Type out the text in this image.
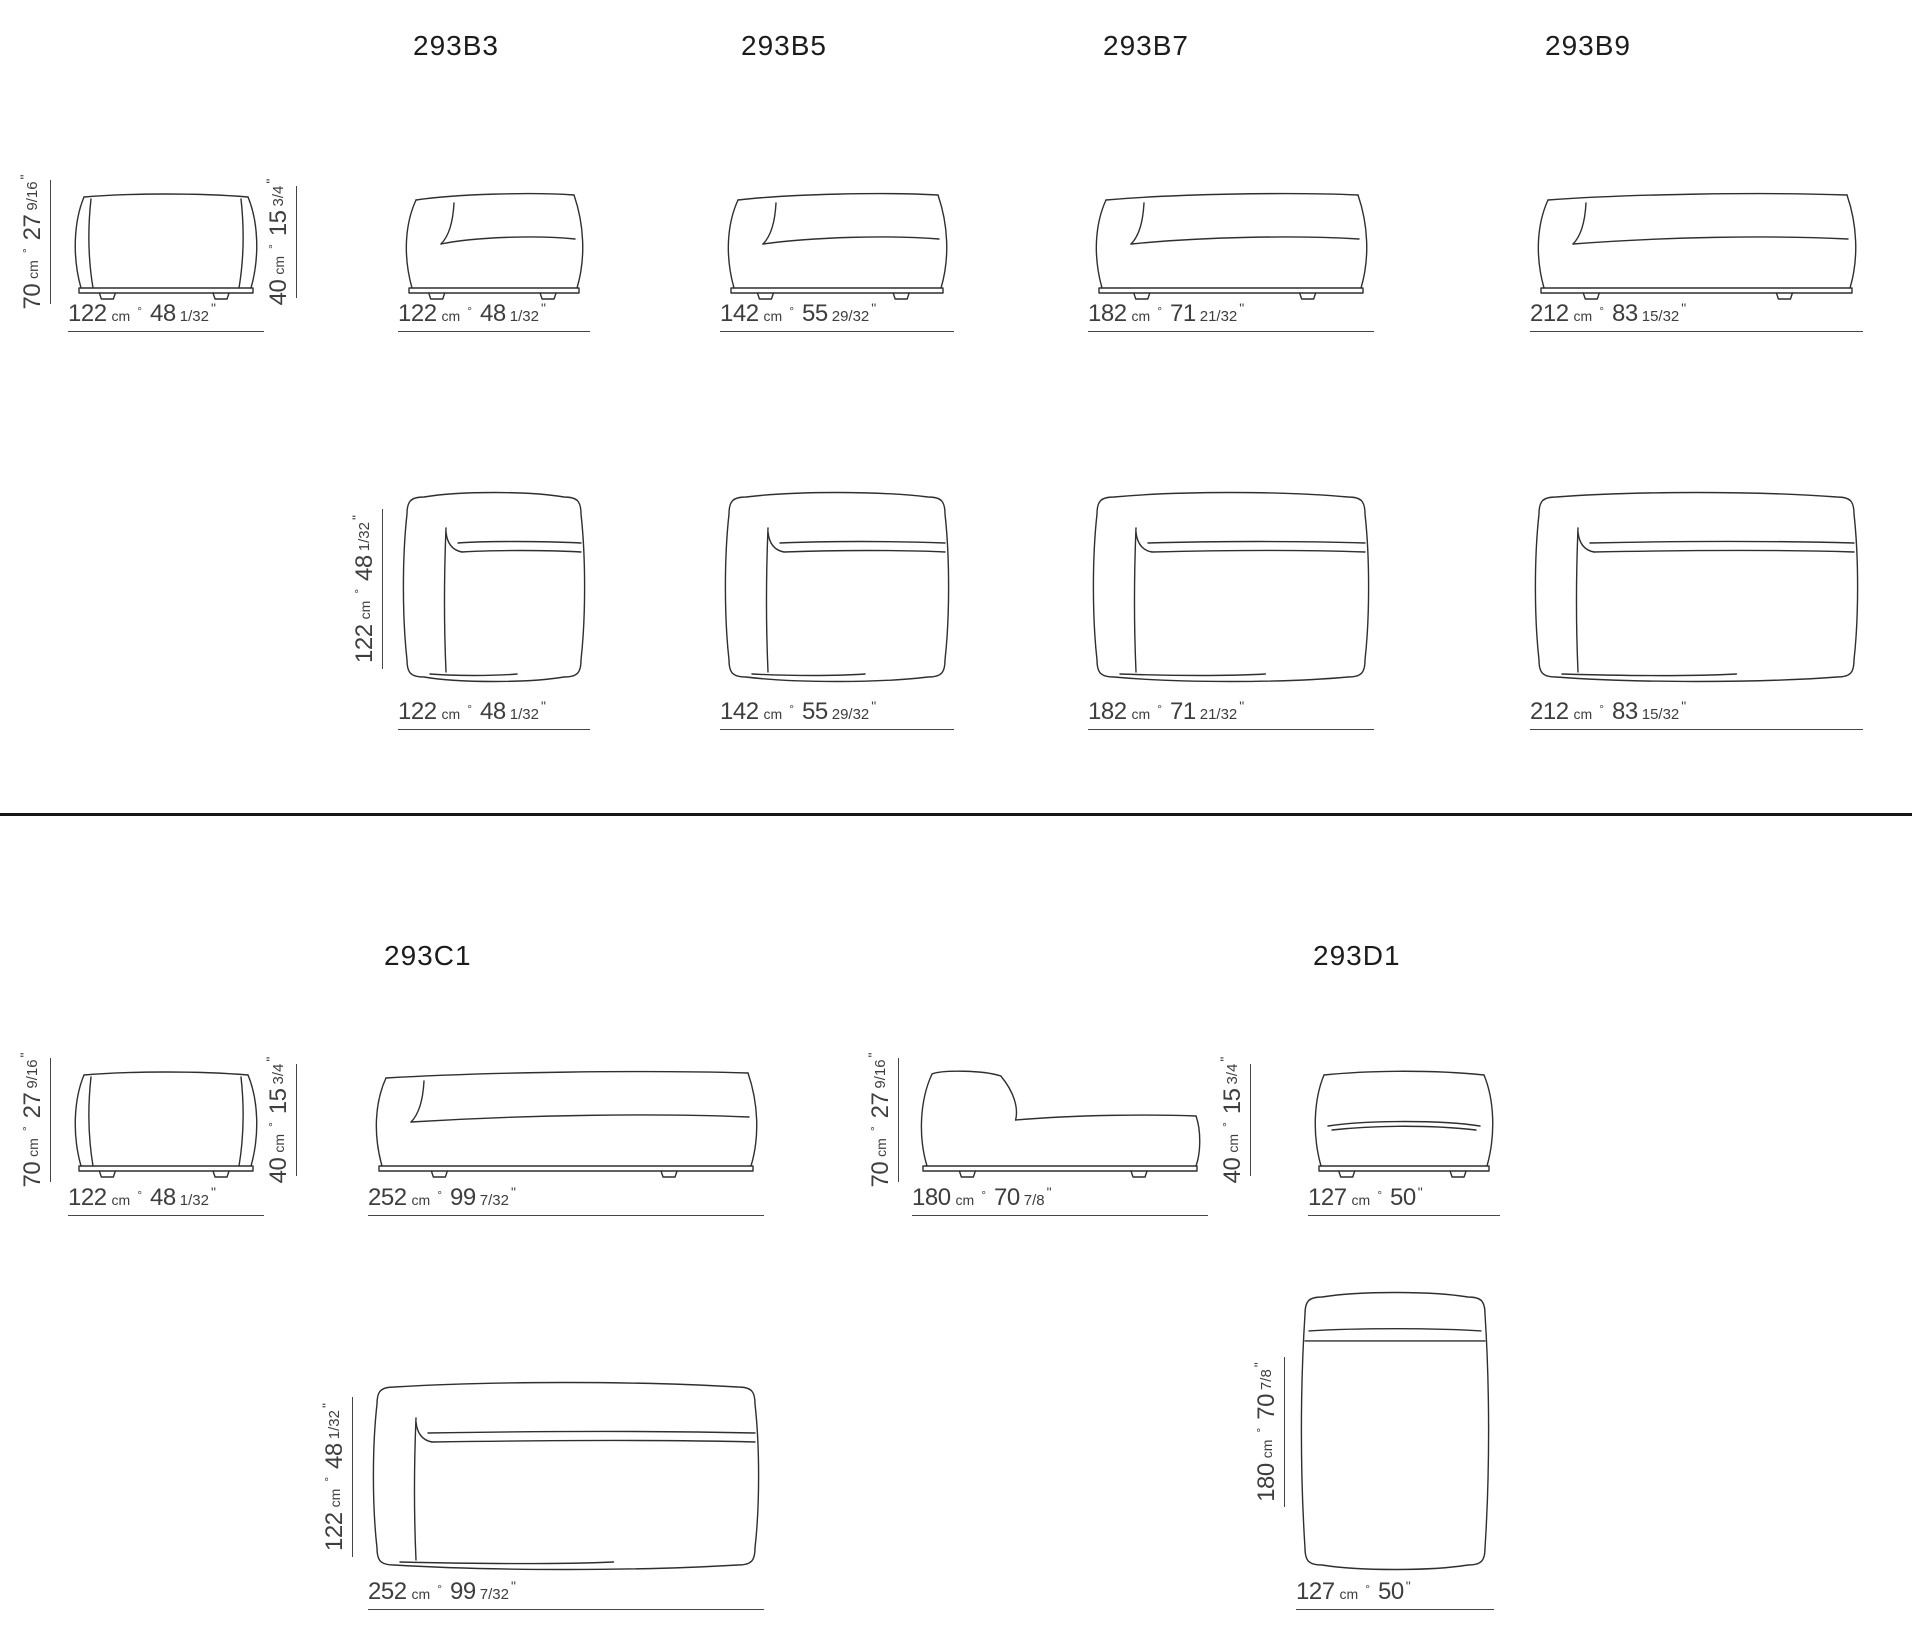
293B3	293B5	293B7	293B9
70
cm
°
27
9/16
"
40
cm
°
15
3/4
"
122 cm ° 48 1/32 "	122 cm ° 48 1/32 "	142 cm ° 55 29/32 "	182 cm ° 71 21/32 "	212 cm ° 83 15/32 "
122
cm
°
48
1/32
"
122 cm ° 48 1/32 "	142 cm ° 55 29/32 "	182 cm ° 71 21/32 "	212 cm ° 83 15/32 "
293C1	293D1
70
cm
°
27
9/16
"
40
cm
°
15
3/4
"
122 cm ° 48 1/32 "	252 cm ° 99 7/32 "
70
cm
°
27
9/16
"
40
cm
°
15
3/4
"
180 cm ° 70 7/8 "	127 cm ° 50 "
122
cm
°
48
1/32
"
252 cm ° 99 7/32 "
180
cm
°
70
7/8
"
127 cm ° 50 "
